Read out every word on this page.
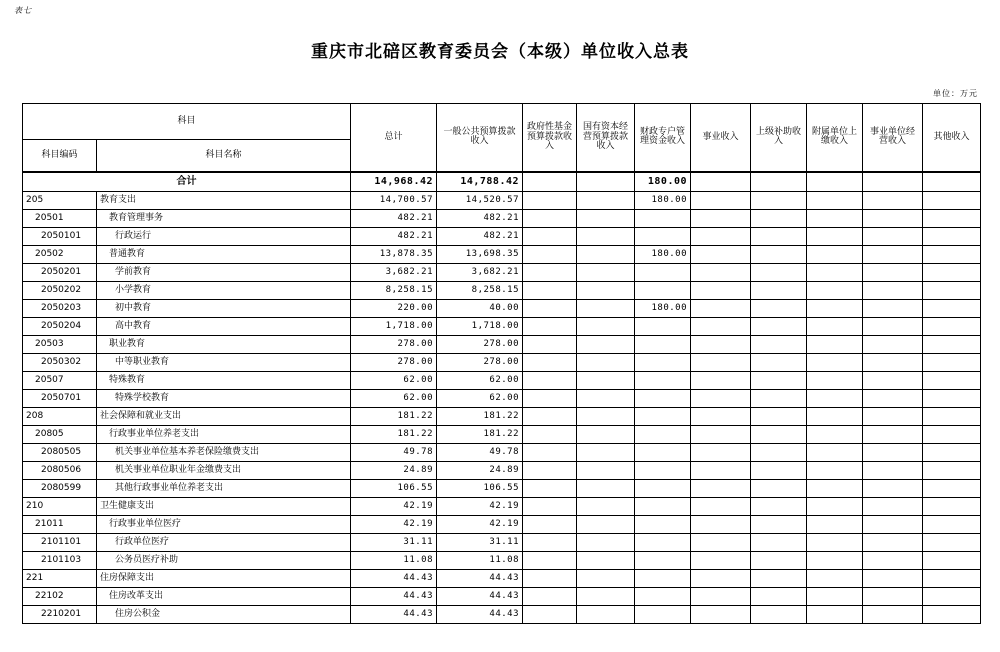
表七
重庆市北碚区教育委员会（本级）单位收入总表
单位：万元
科目		总计	一般公共预算拨款收入	政府性基金预算拨款收入	国有资本经营预算拨款收入	财政专户管理资金收入	事业收入	上级补助收入	附属单位上缴收入	事业单位经营收入	其他收入
科目编码	科目名称										
合计		14,968.42	14,788.42			180.00					
205	教育支出	14,700.57	14,520.57			180.00					
20501	教育管理事务	482.21	482.21								
2050101	行政运行	482.21	482.21								
20502	普通教育	13,878.35	13,698.35			180.00					
2050201	学前教育	3,682.21	3,682.21								
2050202	小学教育	8,258.15	8,258.15								
2050203	初中教育	220.00	40.00			180.00					
2050204	高中教育	1,718.00	1,718.00								
20503	职业教育	278.00	278.00								
2050302	中等职业教育	278.00	278.00								
20507	特殊教育	62.00	62.00								
2050701	特殊学校教育	62.00	62.00								
208	社会保障和就业支出	181.22	181.22								
20805	行政事业单位养老支出	181.22	181.22								
2080505	机关事业单位基本养老保险缴费支出	49.78	49.78								
2080506	机关事业单位职业年金缴费支出	24.89	24.89								
2080599	其他行政事业单位养老支出	106.55	106.55								
210	卫生健康支出	42.19	42.19								
21011	行政事业单位医疗	42.19	42.19								
2101101	行政单位医疗	31.11	31.11								
2101103	公务员医疗补助	11.08	11.08								
221	住房保障支出	44.43	44.43								
22102	住房改革支出	44.43	44.43								
2210201	住房公积金	44.43	44.43								
